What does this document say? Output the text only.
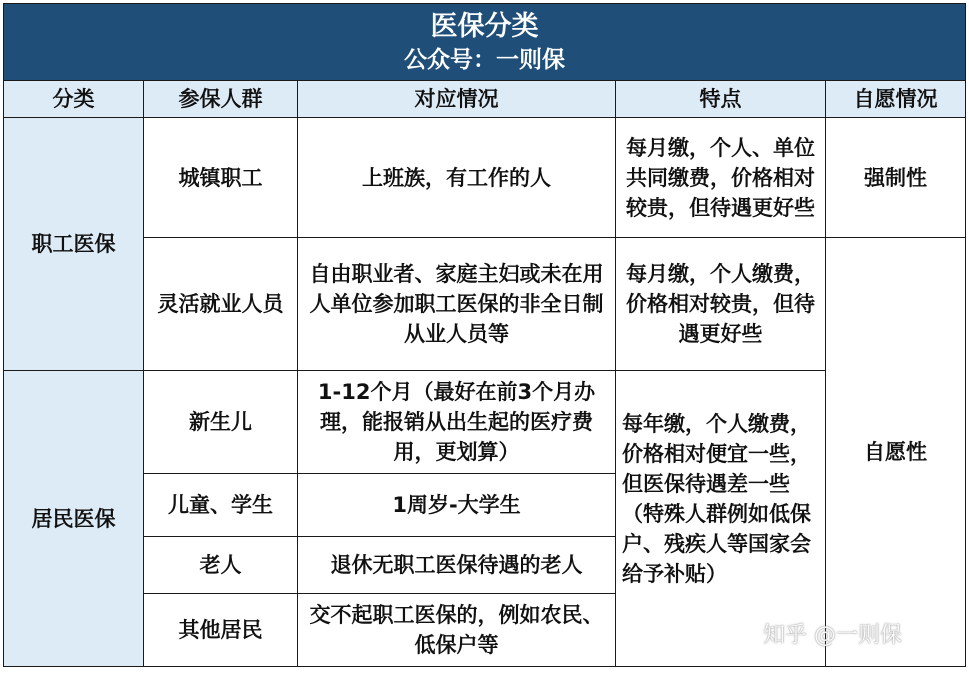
医保分类
公众号：一则保				

分类	参保人群	对应情况	特点	自愿情况
职工医保	城镇职工	上班族，有工作的人	每月缴，个人、单位共同缴费，价格相对较贵，但待遇更好些	强制性
	灵活就业人员	自由职业者、家庭主妇或未在用人单位参加职工医保的非全日制从业人员等	每月缴，个人缴费，价格相对较贵，但待遇更好些	自愿性
居民医保	新生儿	1-12个月（最好在前3个月办理，能报销从出生起的医疗费用，更划算）	每年缴，个人缴费，价格相对便宜一些，但医保待遇差一些（特殊人群例如低保户、残疾人等国家会给予补贴）	
	儿童、学生	1周岁-大学生		
	老人	退休无职工医保待遇的老人		
	其他居民	交不起职工医保的，例如农民、低保户等			知乎 @一则保
